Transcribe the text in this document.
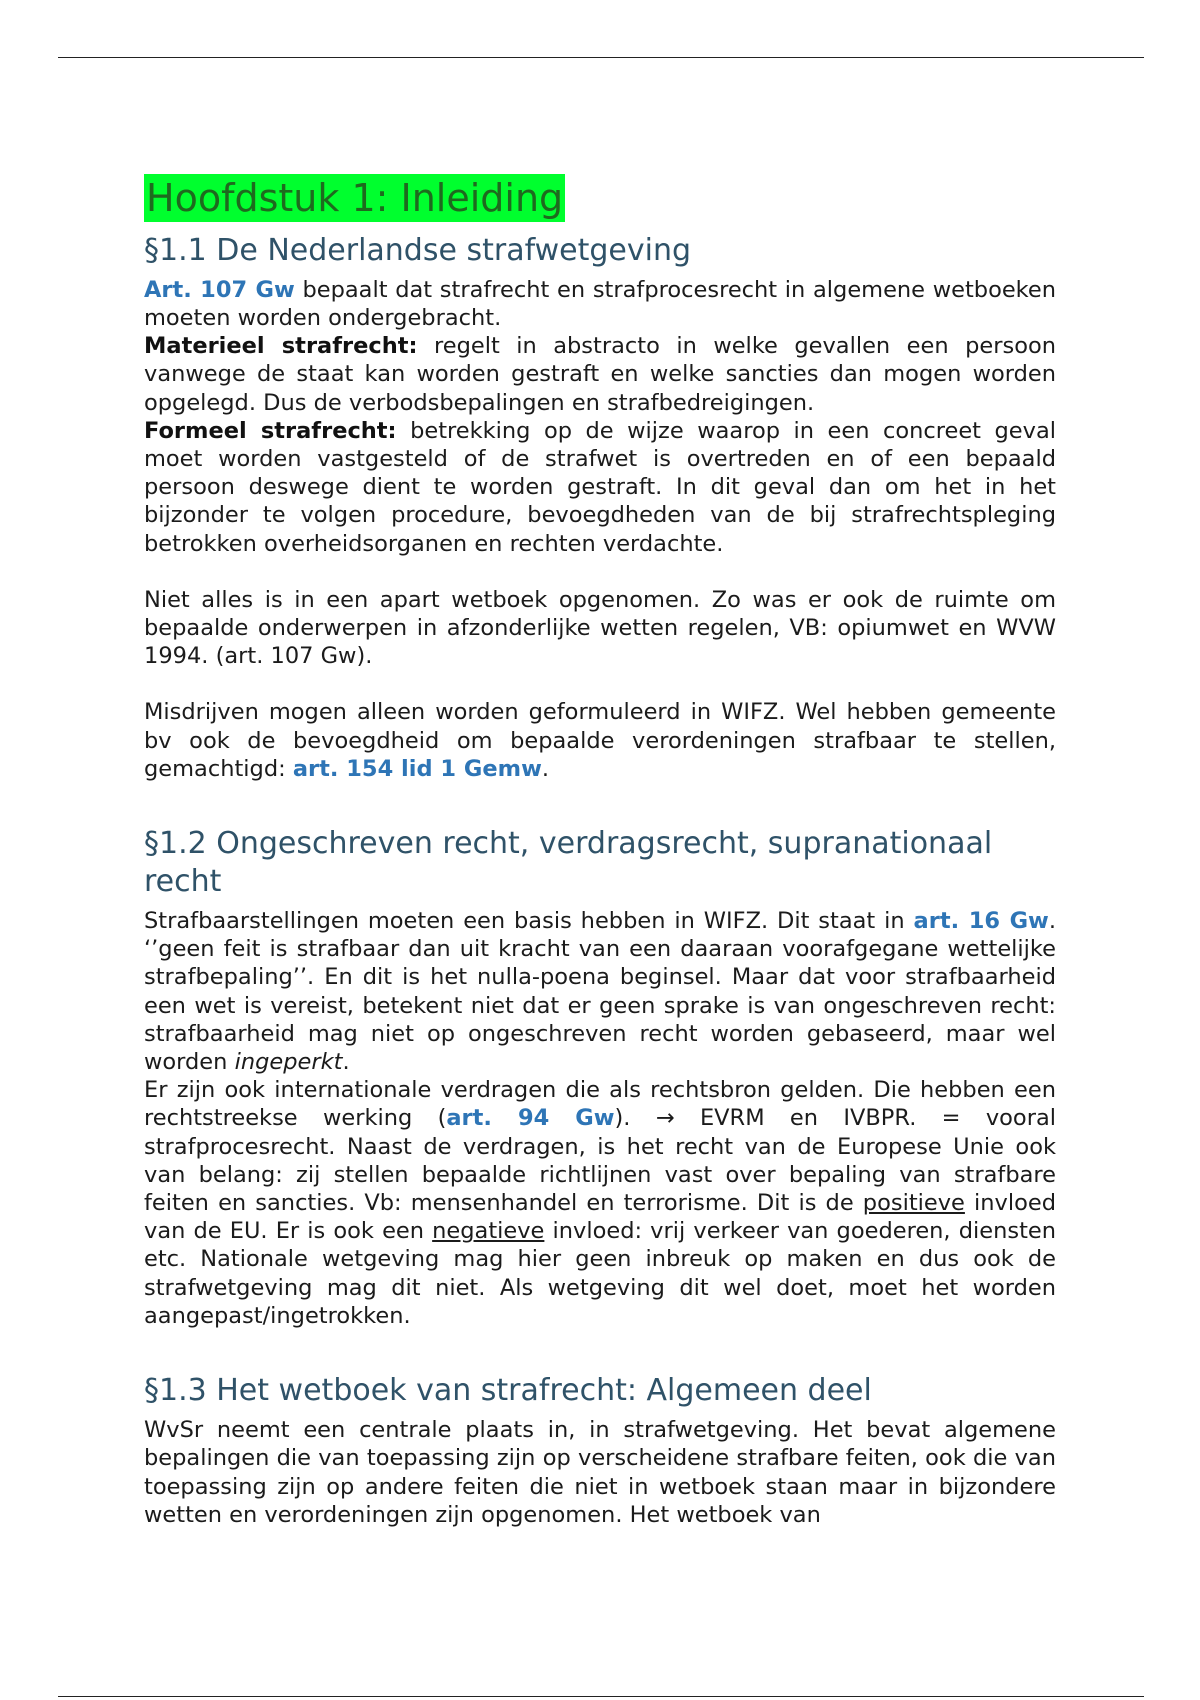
Hoofdstuk 1: Inleiding
§1.1 De Nederlandse strafwetgeving

Art. 107 Gw bepaalt dat strafrecht en strafprocesrecht in algemene wetboeken moeten worden ondergebracht.

Materieel strafrecht: regelt in abstracto in welke gevallen een persoon vanwege de staat kan worden gestraft en welke sancties dan mogen worden opgelegd. Dus de verbodsbepalingen en strafbedreigingen.

Formeel strafrecht: betrekking op de wijze waarop in een concreet geval moet worden vastgesteld of de strafwet is overtreden en of een bepaald persoon deswege dient te worden gestraft. In dit geval dan om het in het bijzonder te volgen procedure, bevoegdheden van de bij strafrechtspleging betrokken overheidsorganen en rechten verdachte.

Niet alles is in een apart wetboek opgenomen. Zo was er ook de ruimte om bepaalde onderwerpen in afzonderlijke wetten regelen, VB: opiumwet en WVW 1994. (art. 107 Gw).

Misdrijven mogen alleen worden geformuleerd in WIFZ. Wel hebben gemeente bv ook de bevoegdheid om bepaalde verordeningen strafbaar te stellen, gemachtigd: art. 154 lid 1 Gemw.

§1.2 Ongeschreven recht, verdragsrecht, supranationaal recht

Strafbaarstellingen moeten een basis hebben in WIFZ. Dit staat in art. 16 Gw. ‘’geen feit is strafbaar dan uit kracht van een daaraan voorafgegane wettelijke strafbepaling’’. En dit is het nulla-poena beginsel. Maar dat voor strafbaarheid een wet is vereist, betekent niet dat er geen sprake is van ongeschreven recht: strafbaarheid mag niet op ongeschreven recht worden gebaseerd, maar wel worden ingeperkt.

Er zijn ook internationale verdragen die als rechtsbron gelden. Die hebben een rechtstreekse werking (art. 94 Gw). → EVRM en IVBPR. = vooral strafprocesrecht. Naast de verdragen, is het recht van de Europese Unie ook van belang: zij stellen bepaalde richtlijnen vast over bepaling van strafbare feiten en sancties. Vb: mensenhandel en terrorisme. Dit is de positieve invloed van de EU. Er is ook een negatieve invloed: vrij verkeer van goederen, diensten etc. Nationale wetgeving mag hier geen inbreuk op maken en dus ook de strafwetgeving mag dit niet. Als wetgeving dit wel doet, moet het worden aangepast/ingetrokken.

§1.3 Het wetboek van strafrecht: Algemeen deel

WvSr neemt een centrale plaats in, in strafwetgeving. Het bevat algemene bepalingen die van toepassing zijn op verscheidene strafbare feiten, ook die van toepassing zijn op andere feiten die niet in wetboek staan maar in bijzondere wetten en verordeningen zijn opgenomen. Het wetboek van
